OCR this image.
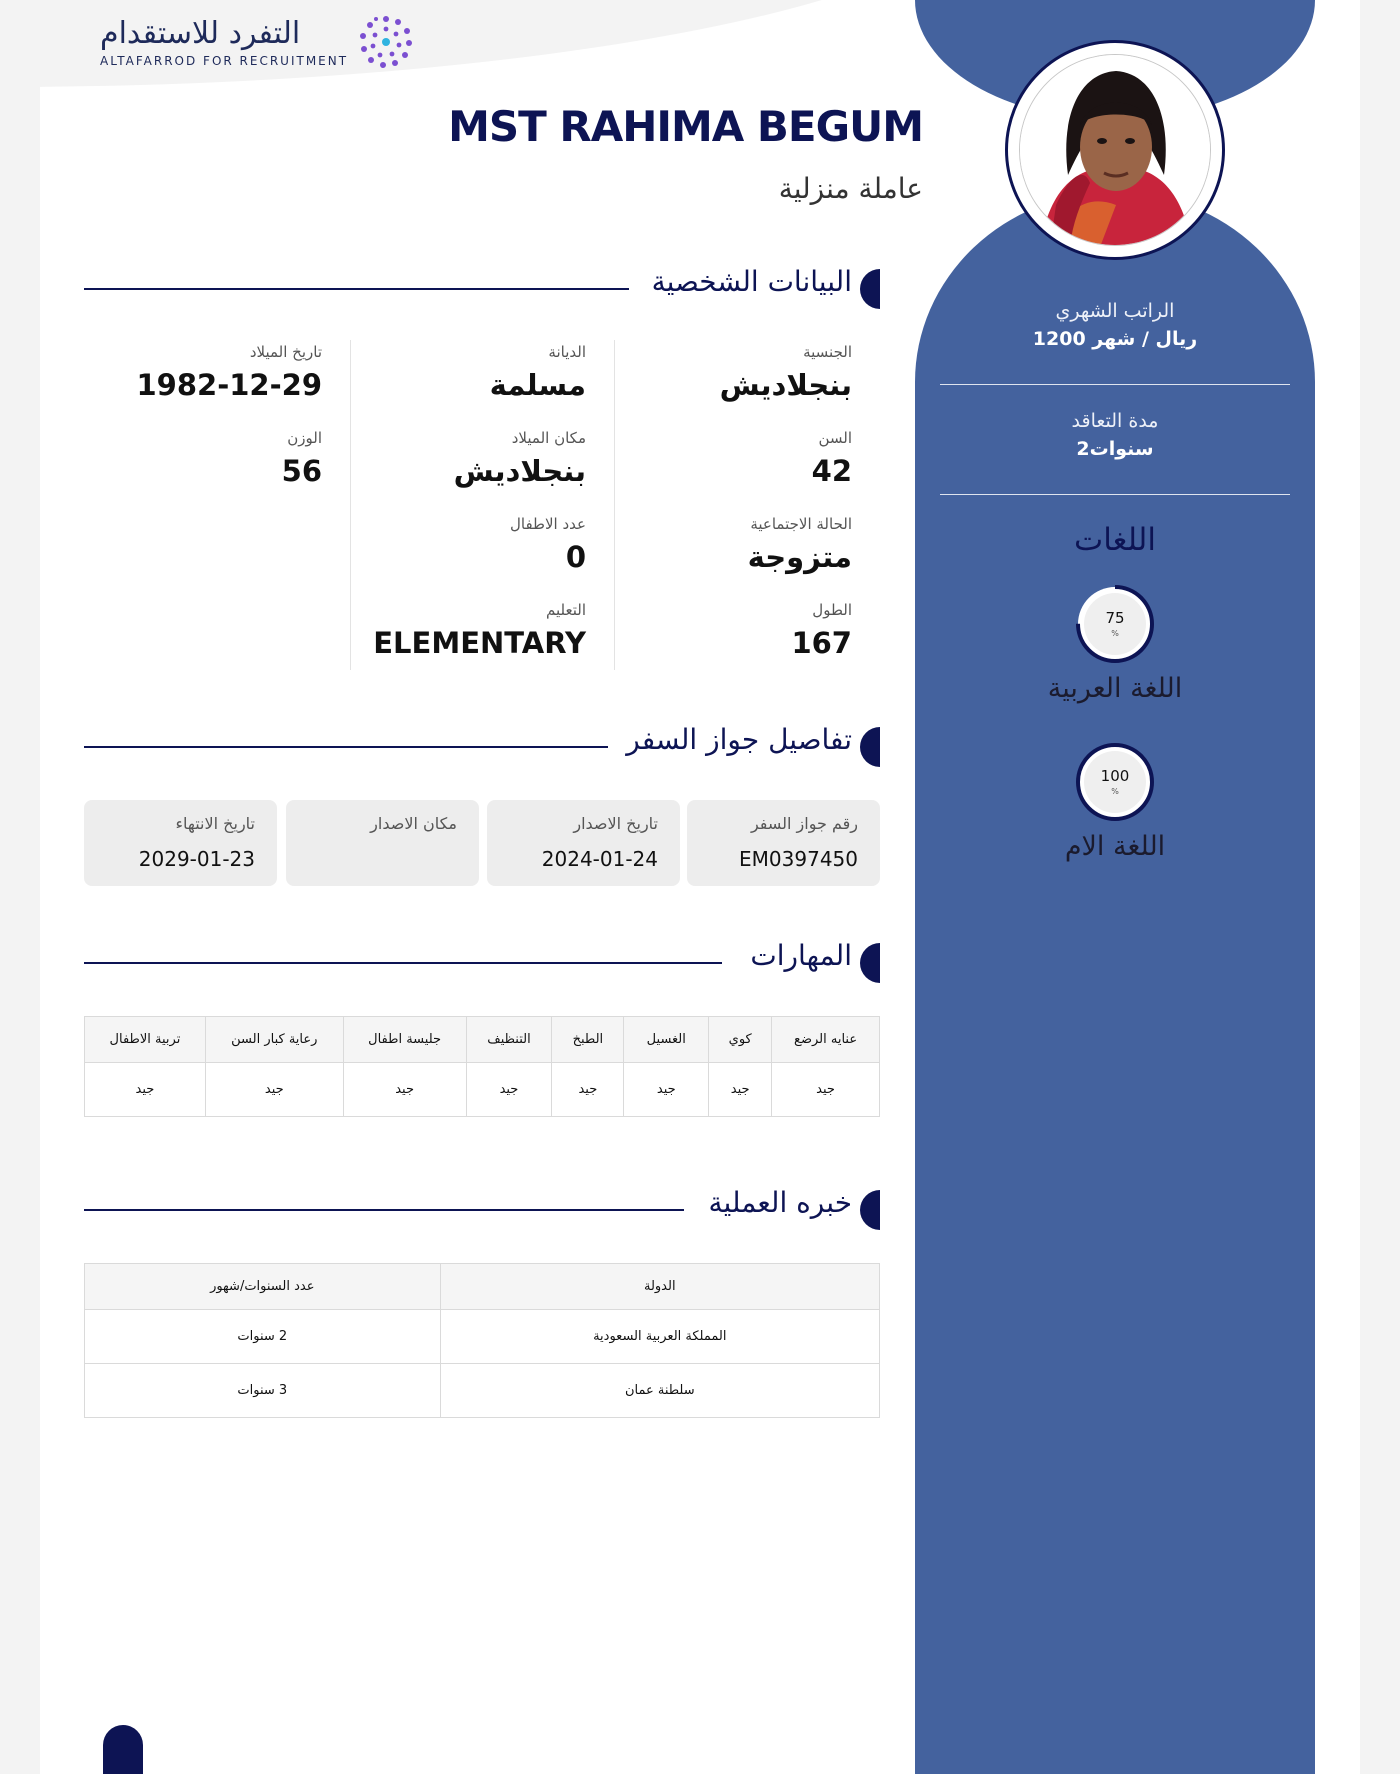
التفرد للاستقدام
ALTAFARROD FOR RECRUITMENT
الراتب الشهري
1200 ريال / شهر
مدة التعاقد
2سنوات
اللغات
75
%
اللغة العربية
100
%
اللغة الام
MST RAHIMA BEGUM
عاملة منزلية
البيانات الشخصية
الجنسية
بنجلاديش
السن
42
الحالة الاجتماعية
متزوجة
الطول
167
الديانة
مسلمة
مكان الميلاد
بنجلاديش
عدد الاطفال
0
التعليم
ELEMENTARY
تاريخ الميلاد
1982-12-29
الوزن
56
تفاصيل جواز السفر
رقم جواز السفر
EM0397450
تاريخ الاصدار
2024-01-24
مكان الاصدار
تاريخ الانتهاء
2029-01-23
المهارات
عنايه الرضع	كوي	الغسيل	الطبخ	التنظيف	جليسة اطفال	رعاية كبار السن	تربية الاطفال
جيد	جيد	جيد	جيد	جيد	جيد	جيد	جيد
خبره العملية
الدولة	عدد السنوات/شهور
المملكة العربية السعودية	2 سنوات
سلطنة عمان	3 سنوات
